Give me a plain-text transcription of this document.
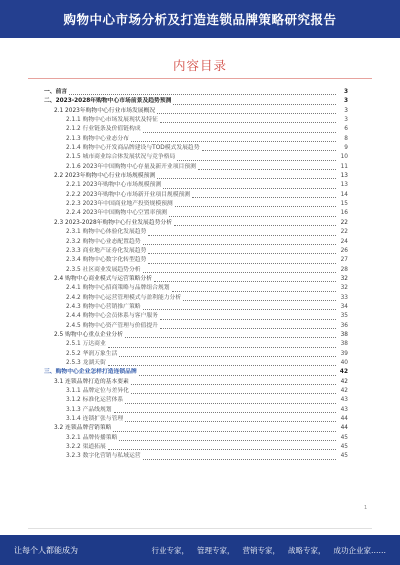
购物中心市场分析及打造连锁品牌策略研究报告
内容目录
一、前言	3
二、2023-2028年购物中心市场前景及趋势预测	3
2.1 2023年购物中心行业市场发展概况	3
2.1.1 购物中心市场发展现状及特征	3
2.1.2 行业链条及价值链构成	6
2.1.3 购物中心业态分布	8
2.1.4 购物中心开发商品牌建设与TOD模式发展趋势	9
2.1.5 城市商业综合体发展状况与竞争格局	10
2.1.6 2023年中国购物中心存量及新开业项目预测	11
2.2 2023年购物中心行业市场规模预测	13
2.2.1 2023年购物中心市场规模预测	13
2.2.2 2023年购物中心市场新开业项目规模预测	14
2.2.3 2023年中国商业地产投资规模预测	15
2.2.4 2023年中国购物中心空置率预测	16
2.3 2023-2028年购物中心行业发展趋势分析	22
2.3.1 购物中心体验化发展趋势	22
2.3.2 购物中心业态配置趋势	24
2.3.3 商业地产证券化发展趋势	26
2.3.4 购物中心数字化转型趋势	27
2.3.5 社区商业发展趋势分析	28
2.4 购物中心商业模式与运营策略分析	32
2.4.1 购物中心招商策略与品牌组合规划	32
2.4.2 购物中心运营管理模式与盈利能力分析	33
2.4.3 购物中心营销推广策略	34
2.4.4 购物中心会员体系与客户服务	35
2.4.5 购物中心资产管理与价值提升	36
2.5 购物中心重点企业分析	38
2.5.1 万达商业	38
2.5.2 华润万象生活	39
2.5.3 龙湖天街	40
三、购物中心企业怎样打造连锁品牌	42
3.1 连锁品牌打造的基本要素	42
3.1.1 品牌定位与差异化	42
3.1.2 标准化运营体系	43
3.1.3 产品线规划	43
3.1.4 连锁扩张与管理	44
3.2 连锁品牌营销策略	44
3.2.1 品牌传播策略	45
3.2.2 渠道拓展	45
3.2.3 数字化营销与私域运营	45
1
让每个人都能成为	行业专家， 管理专家， 营销专家， 战略专家， 成功企业家……
